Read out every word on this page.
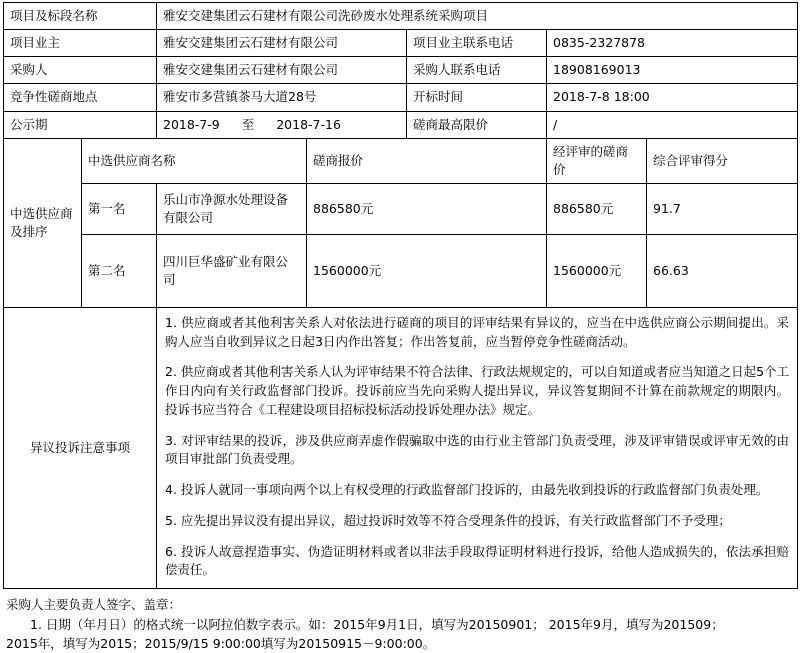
项目及标段名称		雅安交建集团云石建材有限公司洗砂废水处理系统采购项目				
项目业主		雅安交建集团云石建材有限公司		项目业主联系电话	0835-2327878	
采购人		雅安交建集团云石建材有限公司		采购人联系电话	18908169013	
竞争性磋商地点		雅安市多营镇茶马大道28号		开标时间	2018-7-8 18:00	
公示期		2018-7-9 至 2018-7-16		磋商最高限价	/	
中选供应商及排序	中选供应商名称		磋商报价		经评审的磋商价	综合评审得分
	第一名	乐山市净源水处理设备有限公司	886580元		886580元	91.7
	第二名	四川巨华盛矿业有限公司	1560000元		1560000元	66.63
异议投诉注意事项	

1. 供应商或者其他利害关系人对依法进行磋商的项目的评审结果有异议的，应当在中选供应商公示期间提出。采购人应当自收到异议之日起3日内作出答复；作出答复前，应当暂停竞争性磋商活动。

2. 供应商或者其他利害关系人认为评审结果不符合法律、行政法规规定的，可以自知道或者应当知道之日起5个工作日内向有关行政监督部门投诉。投诉前应当先向采购人提出异议，异议答复期间不计算在前款规定的期限内。投诉书应当符合《工程建设项目招标投标活动投诉处理办法》规定。

3. 对评审结果的投诉，涉及供应商弄虚作假骗取中选的由行业主管部门负责受理，涉及评审错误或评审无效的由项目审批部门负责受理。

4. 投诉人就同一事项向两个以上有权受理的行政监督部门投诉的，由最先收到投诉的行政监督部门负责处理。

5. 应先提出异议没有提出异议，超过投诉时效等不符合受理条件的投诉，有关行政监督部门不予受理；

6. 投诉人故意捏造事实、伪造证明材料或者以非法手段取得证明材料进行投诉，给他人造成损失的，依法承担赔偿责任。

采购人主要负责人签字、盖章：

1. 日期（年月日）的格式统一以阿拉伯数字表示。如：2015年9月1日，填写为20150901； 2015年9月，填写为201509；

2015年，填写为2015；2015/9/15 9:00:00填写为20150915－9:00:00。
